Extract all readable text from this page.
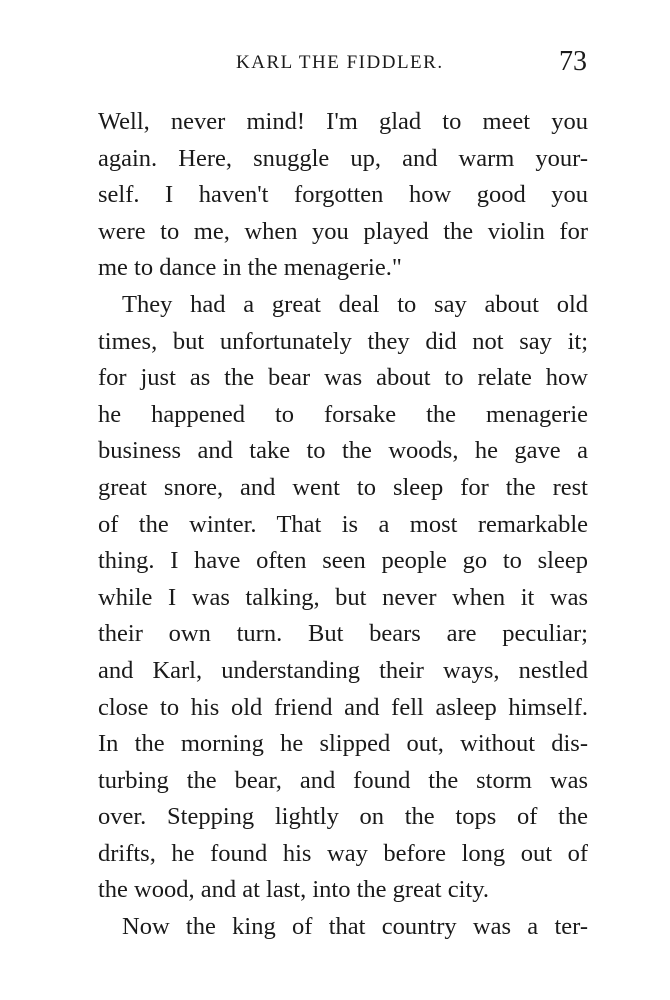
KARL THE FIDDLER.	73
Well, never mind! I'm glad to meet you
again. Here, snuggle up, and warm your-
self. I haven't forgotten how good you
were to me, when you played the violin for
me to dance in the menagerie."
They had a great deal to say about old
times, but unfortunately they did not say it;
for just as the bear was about to relate how
he happened to forsake the menagerie
business and take to the woods, he gave a
great snore, and went to sleep for the rest
of the winter. That is a most remarkable
thing. I have often seen people go to sleep
while I was talking, but never when it was
their own turn. But bears are peculiar;
and Karl, understanding their ways, nestled
close to his old friend and fell asleep himself.
In the morning he slipped out, without dis-
turbing the bear, and found the storm was
over. Stepping lightly on the tops of the
drifts, he found his way before long out of
the wood, and at last, into the great city.
Now the king of that country was a ter-
